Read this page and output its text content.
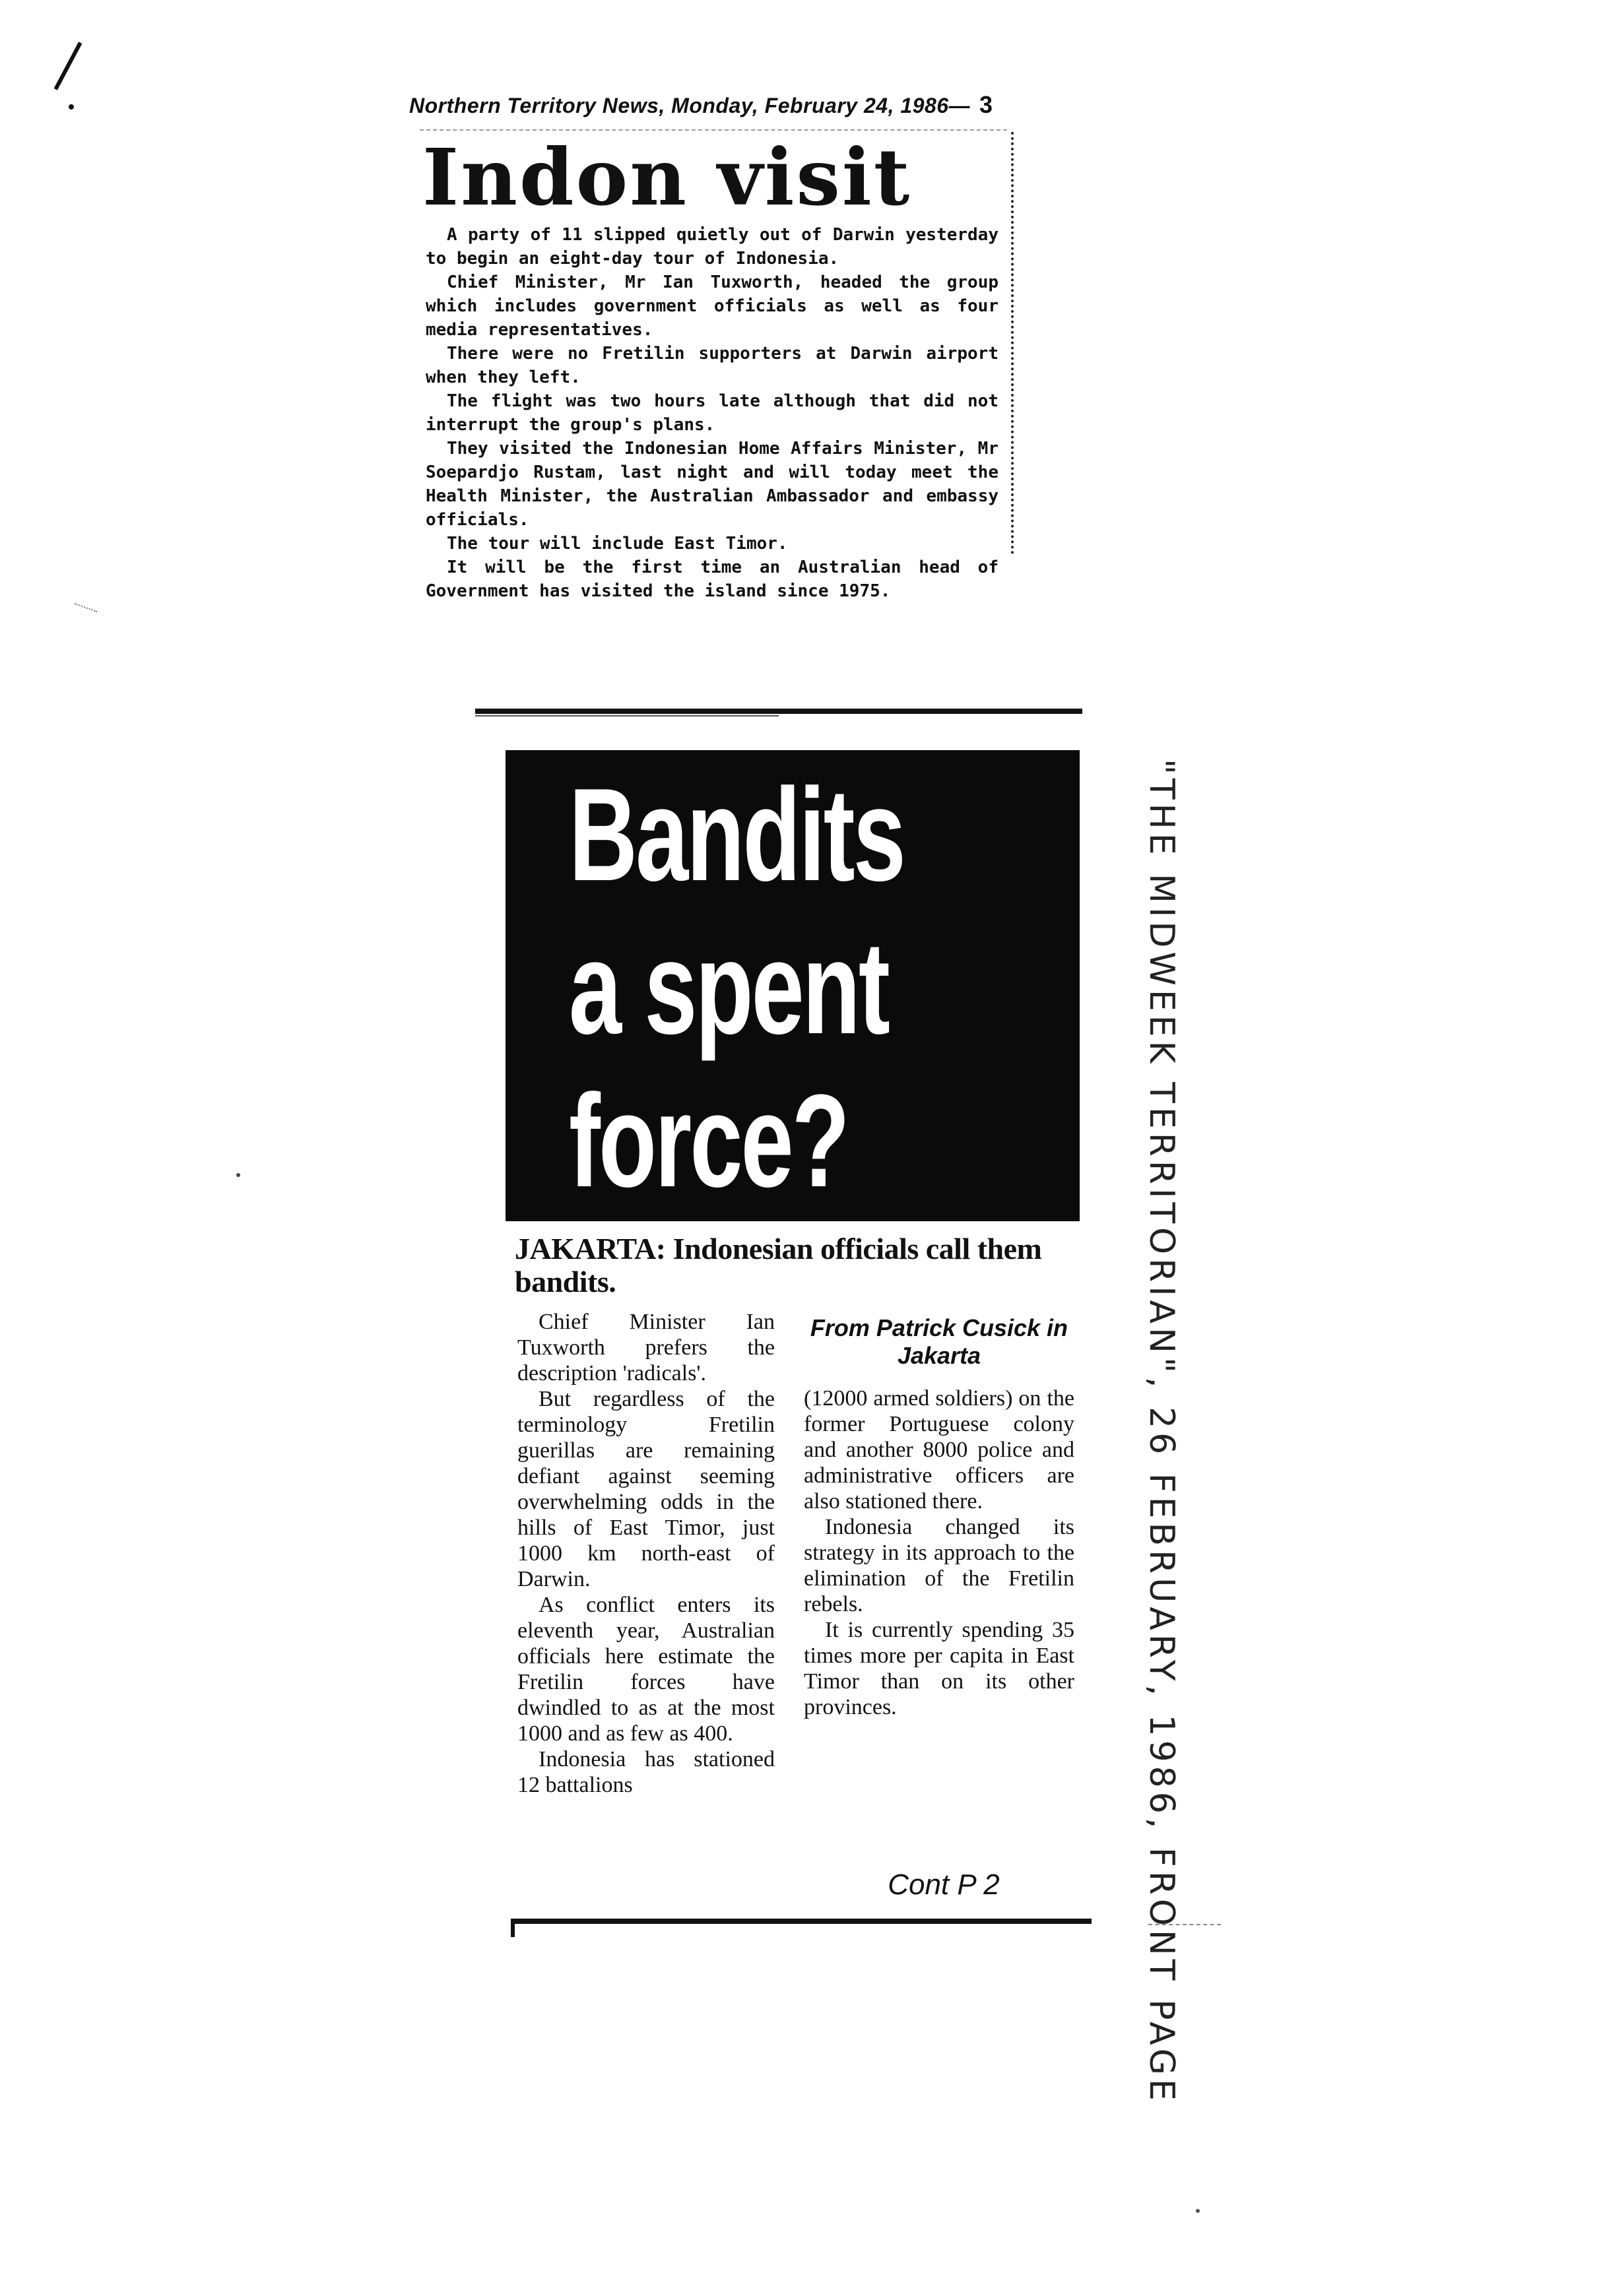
Northern Territory News, Monday, February 24, 1986— 3
Indon visit

A party of 11 slipped quietly out of Darwin yesterday to begin an eight-day tour of Indonesia.

Chief Minister, Mr Ian Tuxworth, headed the group which includes government officials as well as four media representatives.

There were no Fretilin supporters at Darwin airport when they left.

The flight was two hours late although that did not interrupt the group's plans.

They visited the Indonesian Home Affairs Minister, Mr Soepardjo Rustam, last night and will today meet the Health Minister, the Australian Ambassador and embassy officials.

The tour will include East Timor.

It will be the first time an Australian head of Government has visited the island since 1975.

Bandits
a spent
force?
JAKARTA: Indonesian officials call them bandits.

Chief Minister Ian Tuxworth prefers the description 'radicals'.

But regardless of the terminology Fretilin guerillas are remaining defiant against seeming overwhelming odds in the hills of East Timor, just 1000 km north-east of Darwin.

As conflict enters its eleventh year, Australian officials here estimate the Fretilin forces have dwindled to as at the most 1000 and as few as 400.

Indonesia has stationed 12 battalions

From Patrick Cusick in Jakarta

(12000 armed soldiers) on the former Portuguese colony and another 8000 police and administrative officers are also stationed there.

Indonesia changed its strategy in its approach to the elimination of the Fretilin rebels.

It is currently spending 35 times more per capita in East Timor than on its other provinces.

Cont P 2	"THE MIDWEEK TERRITORIAN", 26 FEBRUARY, 1986, FRONT PAGE
